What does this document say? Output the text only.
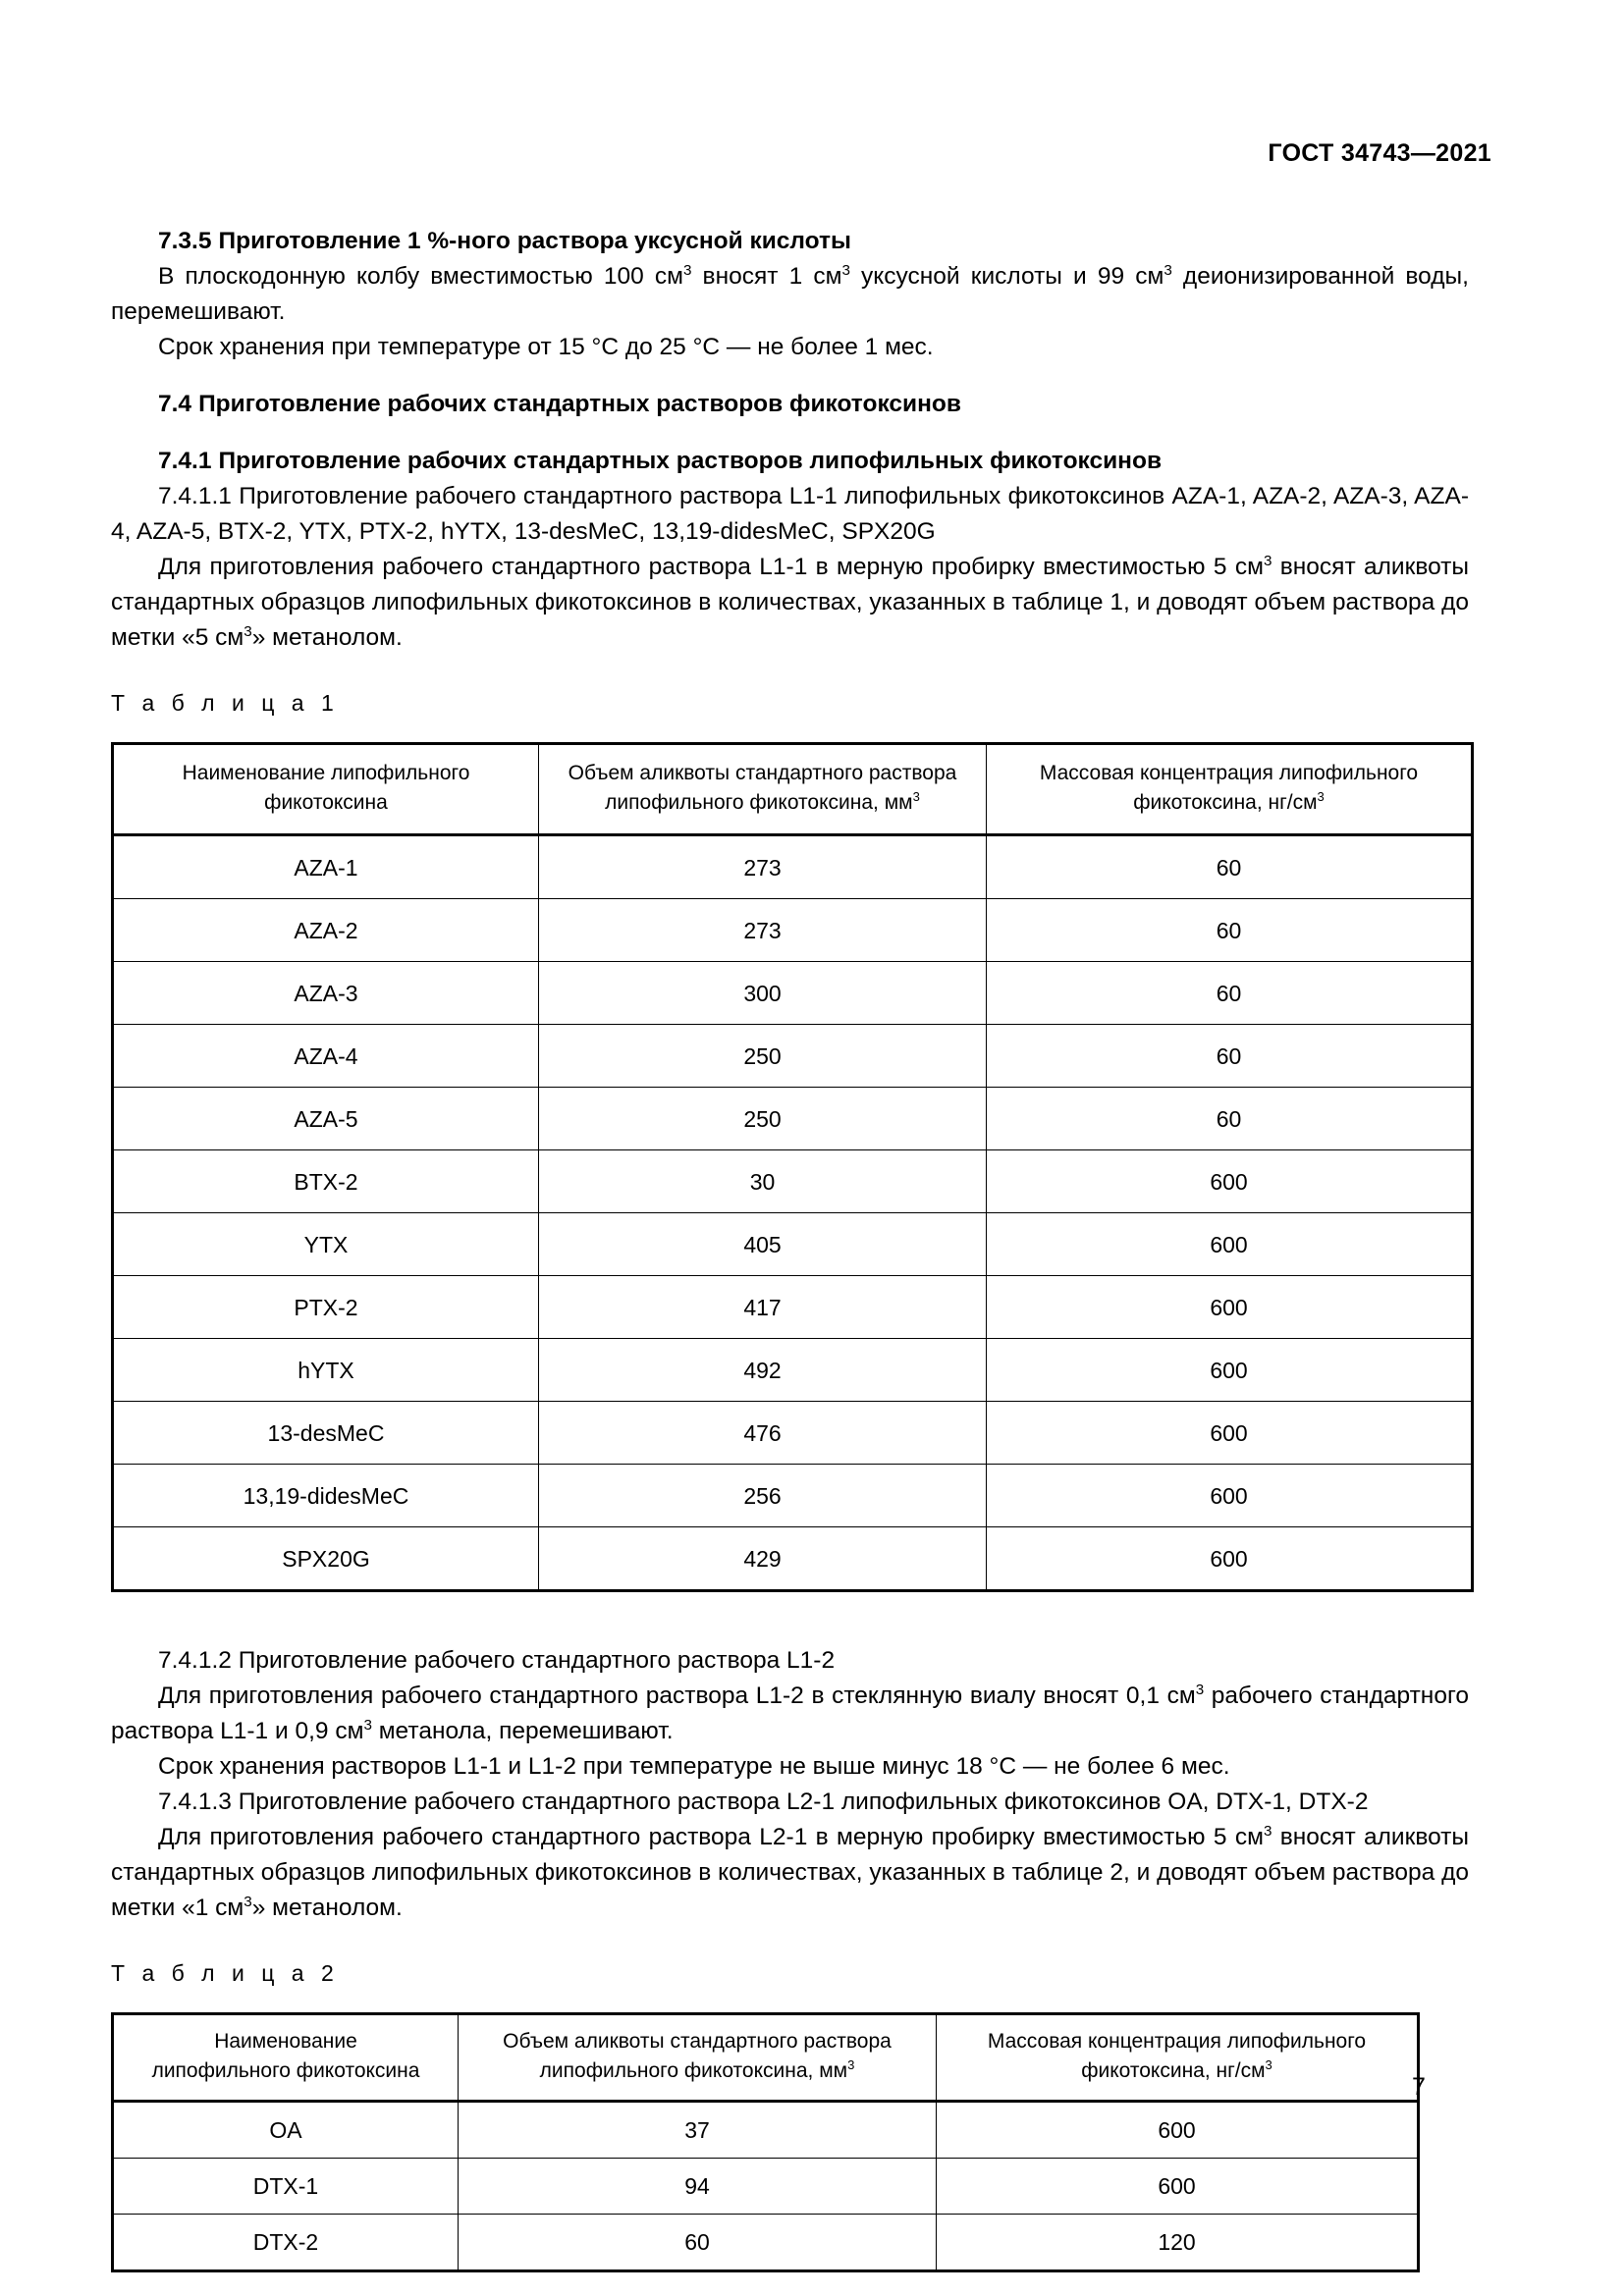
ГОСТ 34743—2021

7.3.5 Приготовление 1 %-ного раствора уксусной кислоты

В плоскодонную колбу вместимостью 100 $см^3$ вносят 1 $см^3$ уксусной кислоты и 99 $см^3$ деионизированной воды, перемешивают.

Срок хранения при температуре от 15 °С до 25 °С — не более 1 мес.

7.4 Приготовление рабочих стандартных растворов фикотоксинов

7.4.1 Приготовление рабочих стандартных растворов липофильных фикотоксинов

7.4.1.1 Приготовление рабочего стандартного раствора L1-1 липофильных фикотоксинов AZA-1, AZA-2, AZA-3, AZA-4, AZA-5, BTX-2, YTX, PTX-2, hYTX, 13-desMeC, 13,19-didesMeC, SPX20G

Для приготовления рабочего стандартного раствора L1-1 в мерную пробирку вместимостью 5 $см^3$ вносят аликвоты стандартных образцов липофильных фикотоксинов в количествах, указанных в таблице 1, и доводят объем раствора до метки «5 $см^3$» метанолом.

Т а б л и ц а 1

Наименование липофильного
фикотоксина	Объем аликвоты стандартного раствора
липофильного фикотоксина, $мм^3$	Массовая концентрация липофильного
фикотоксина, $нг/см^3$
AZA-1	273	60
AZA-2	273	60
AZA-3	300	60
AZA-4	250	60
AZA-5	250	60
BTX-2	30	600
YTX	405	600
PTX-2	417	600
hYTX	492	600
13-desMeC	476	600
13,19-didesMeC	256	600
SPX20G	429	600

7.4.1.2 Приготовление рабочего стандартного раствора L1-2

Для приготовления рабочего стандартного раствора L1-2 в стеклянную виалу вносят 0,1 $см^3$ рабочего стандартного раствора L1-1 и 0,9 $см^3$ метанола, перемешивают.

Срок хранения растворов L1-1 и L1-2 при температуре не выше минус 18 °С — не более 6 мес.

7.4.1.3 Приготовление рабочего стандартного раствора L2-1 липофильных фикотоксинов OA, DTX-1, DTX-2

Для приготовления рабочего стандартного раствора L2-1 в мерную пробирку вместимостью 5 $см^3$ вносят аликвоты стандартных образцов липофильных фикотоксинов в количествах, указанных в таблице 2, и доводят объем раствора до метки «1 $см^3$» метанолом.

Т а б л и ц а 2

Наименование
липофильного фикотоксина	Объем аликвоты стандартного раствора
липофильного фикотоксина, $мм^3$	Массовая концентрация липофильного
фикотоксина, $нг/см^3$
OA	37	600
DTX-1	94	600
DTX-2	60	120
7
